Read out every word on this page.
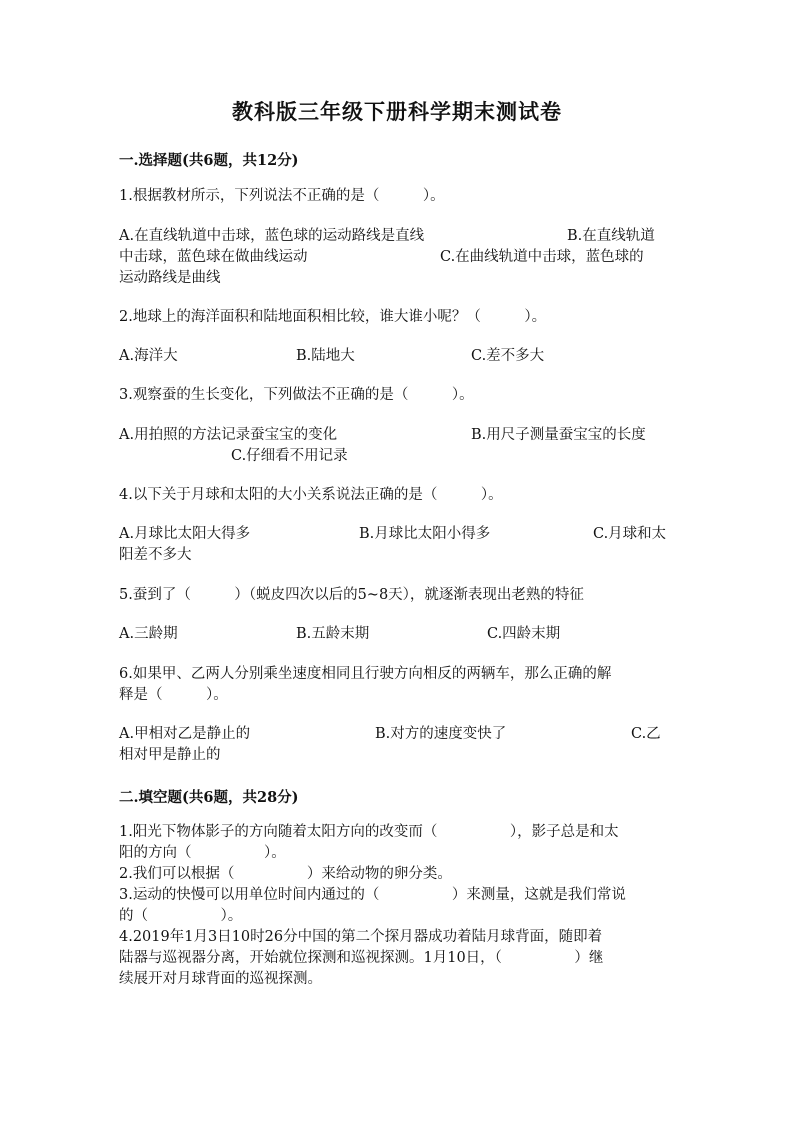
教科版三年级下册科学期末测试卷

一.选择题(共6题，共12分)

1.根据教材所示，下列说法不正确的是（　　　）。

A.在直线轨道中击球，蓝色球的运动路线是直线	B.在直线轨道

中击球，蓝色球在做曲线运动	C.在曲线轨道中击球，蓝色球的

运动路线是曲线

2.地球上的海洋面积和陆地面积相比较，谁大谁小呢？（　　　）。

A.海洋大	B.陆地大	C.差不多大

3.观察蚕的生长变化，下列做法不正确的是（　　　）。

A.用拍照的方法记录蚕宝宝的变化	B.用尺子测量蚕宝宝的长度

C.仔细看不用记录

4.以下关于月球和太阳的大小关系说法正确的是（　　　）。

A.月球比太阳大得多	B.月球比太阳小得多	C.月球和太

阳差不多大

5.蚕到了（　　　）（蜕皮四次以后的5~8天），就逐渐表现出老熟的特征

A.三龄期	B.五龄末期	C.四龄末期

6.如果甲、乙两人分别乘坐速度相同且行驶方向相反的两辆车，那么正确的解

释是（　　　）。

A.甲相对乙是静止的	B.对方的速度变快了	C.乙

相对甲是静止的

二.填空题(共6题，共28分)

1.阳光下物体影子的方向随着太阳方向的改变而（　　　　　），影子总是和太

阳的方向（　　　　　）。

2.我们可以根据（　　　　　）来给动物的卵分类。

3.运动的快慢可以用单位时间内通过的（　　　　　）来测量，这就是我们常说

的（　　　　　）。

4.2019年1月3日10时26分中国的第二个探月器成功着陆月球背面，随即着

陆器与巡视器分离，开始就位探测和巡视探测。1月10日，（　　　　　）继

续展开对月球背面的巡视探测。
